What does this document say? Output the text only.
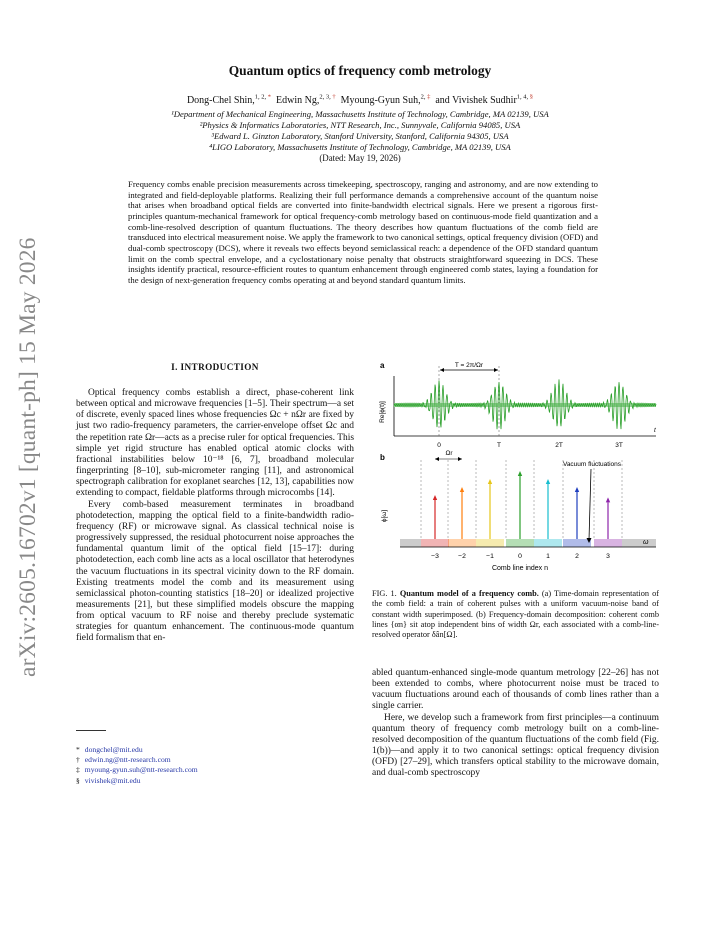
arXiv:2605.16702v1 [quant-ph] 15 May 2026
Quantum optics of frequency comb metrology
Dong-Chel Shin,$^{1, 2, *}$ Edwin Ng,$^{2, 3, \dagger}$ Myoung-Gyun Suh,$^{2, \ddagger}$ and Vivishek Sudhir$^{1, 4, \S}$
¹Department of Mechanical Engineering, Massachusetts Institute of Technology, Cambridge, MA 02139, USA
²Physics & Informatics Laboratories, NTT Research, Inc., Sunnyvale, California 94085, USA
³Edward L. Ginzton Laboratory, Stanford University, Stanford, California 94305, USA
⁴LIGO Laboratory, Massachusetts Institute of Technology, Cambridge, MA 02139, USA
(Dated: May 19, 2026)
Frequency combs enable precision measurements across timekeeping, spectroscopy, ranging and astronomy, and are now extending to integrated and field-deployable platforms. Realizing their full performance demands a comprehensive account of the quantum noise that arises when broadband optical fields are converted into finite-bandwidth electrical signals. Here we present a rigorous first-principles quantum-mechanical framework for optical frequency-comb metrology based on continuous-mode field quantization and a comb-line-resolved description of quantum fluctuations. The theory describes how quantum fluctuations of the comb field are transduced into electrical measurement noise. We apply the framework to two canonical settings, optical frequency division (OFD) and dual-comb spectroscopy (DCS), where it reveals two effects beyond semiclassical reach: a dependence of the OFD standard quantum limit on the comb spectral envelope, and a cyclostationary noise penalty that obstructs straightforward squeezing in DCS. These insights identify practical, resource-efficient routes to quantum enhancement through engineered comb states, laying a foundation for the design of next-generation frequency combs operating at and beyond standard quantum limits.
I. INTRODUCTION

Optical frequency combs establish a direct, phase-coherent link between optical and microwave frequencies [1–5]. Their spectrum—a set of discrete, evenly spaced lines whose frequencies Ωc + nΩr are fixed by just two radio-frequency parameters, the carrier-envelope offset Ωc and the repetition rate Ωr—acts as a precise ruler for optical frequencies. This simple yet rigid structure has enabled optical atomic clocks with fractional instabilities below 10⁻¹⁸ [6, 7], broadband molecular fingerprinting [8–10], sub-micrometer ranging [11], and astronomical spectrograph calibration for exoplanet searches [12, 13], capabilities now extending to compact, fieldable platforms through microcombs [14].

Every comb-based measurement terminates in broadband photodetection, mapping the optical field to a finite-bandwidth radio-frequency (RF) or microwave signal. As classical technical noise is progressively suppressed, the residual photocurrent noise approaches the fundamental quantum limit of the optical field [15–17]: during photodetection, each comb line acts as a local oscillator that heterodynes the vacuum fluctuations in its spectral vicinity down to the RF domain. Existing treatments model the comb and its measurement using semiclassical photon-counting statistics [18–20] or idealized projective measurements [21], but these simplified models obscure the mapping from optical vacuum to RF noise and thereby preclude systematic strategies for quantum enhancement. The continuous-mode quantum field formalism that en-

* dongchel@mit.edu
† edwin.ng@ntt-research.com
‡ myoung-gyun.suh@ntt-research.com
§ vivishek@mit.edu
a
Re[ϕ(t)]
t
T = 2π/Ωr
0	T	2T	3T
b
ϕ[ω]
ω
−3	−2	−1	0	1	2	3
Comb line index n
Ωr
Vacuum fluctuations
FIG. 1. Quantum model of a frequency comb. (a) Time-domain representation of the comb field: a train of coherent pulses with a uniform vacuum-noise band of constant width superimposed. (b) Frequency-domain decomposition: coherent comb lines {αn} sit atop independent bins of width Ωr, each associated with a comb-line-resolved operator δân[Ω].

abled quantum-enhanced single-mode quantum metrology [22–26] has not been extended to combs, where photocurrent noise must be traced to vacuum fluctuations around each of thousands of comb lines rather than a single carrier.

Here, we develop such a framework from first principles—a continuum quantum theory of frequency comb metrology built on a comb-line-resolved decomposition of the quantum fluctuations of the comb field (Fig. 1(b))—and apply it to two canonical settings: optical frequency division (OFD) [27–29], which transfers optical stability to the microwave domain, and dual-comb spectroscopy
